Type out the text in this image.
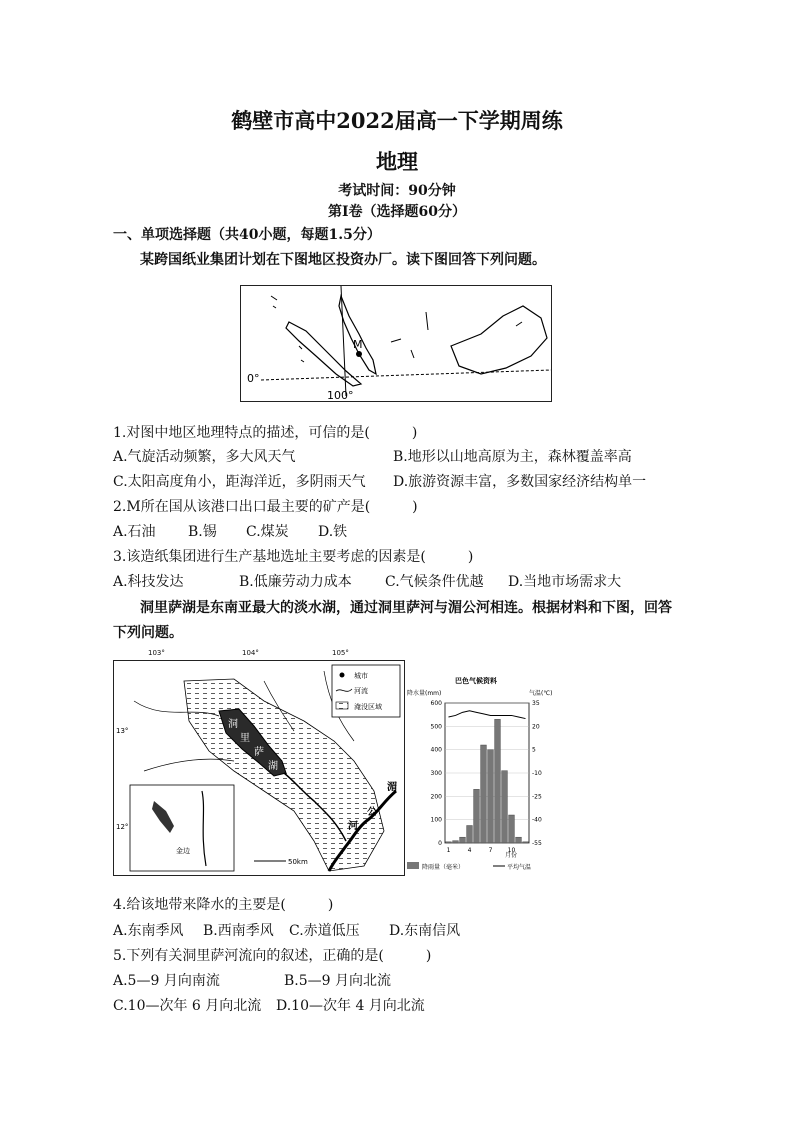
鹤壁市高中2022届高一下学期周练
地理
考试时间：90分钟
第I卷（选择题60分）
一、单项选择题（共40小题，每题1.5分）
某跨国纸业集团计划在下图地区投资办厂。读下图回答下列问题。
M
0°
100°
1.对图中地区地理特点的描述，可信的是(　　　)
A.气旋活动频繁，多大风天气	B.地形以山地高原为主，森林覆盖率高
C.太阳高度角小，距海洋近，多阴雨天气 D.旅游资源丰富，多数国家经济结构单一
2.M所在国从该港口出口最主要的矿产是(　　　)
A.石油 B.锡 C.煤炭 D.铁
3.该造纸集团进行生产基地选址主要考虑的因素是(　　　)
A.科技发达	B.低廉劳动力成本 C.气候条件优越 D.当地市场需求大
洞里萨湖是东南亚最大的淡水湖，通过洞里萨河与湄公河相连。根据材料和下图，回答
下列问题。
洞
里
萨
湖
湄
公
河
城市
河流
淹没区域
13°
12°
金边
50km
103°	104°	105°
巴色气候资料
降水量(mm)	气温(℃)
600
500
400
300
200
100
0
35
20
5
-10
-25
-40
-55
1	4	7	10
月份
降雨量（毫米）	平均气温
4.给该地带来降水的主要是(　　　)
A.东南季风 B.西南季风 C.赤道低压 D.东南信风
5.下列有关洞里萨河流向的叙述，正确的是(　　　)
A.5—9 月向南流	B.5—9 月向北流
C.10—次年 6 月向北流 D.10—次年 4 月向北流
